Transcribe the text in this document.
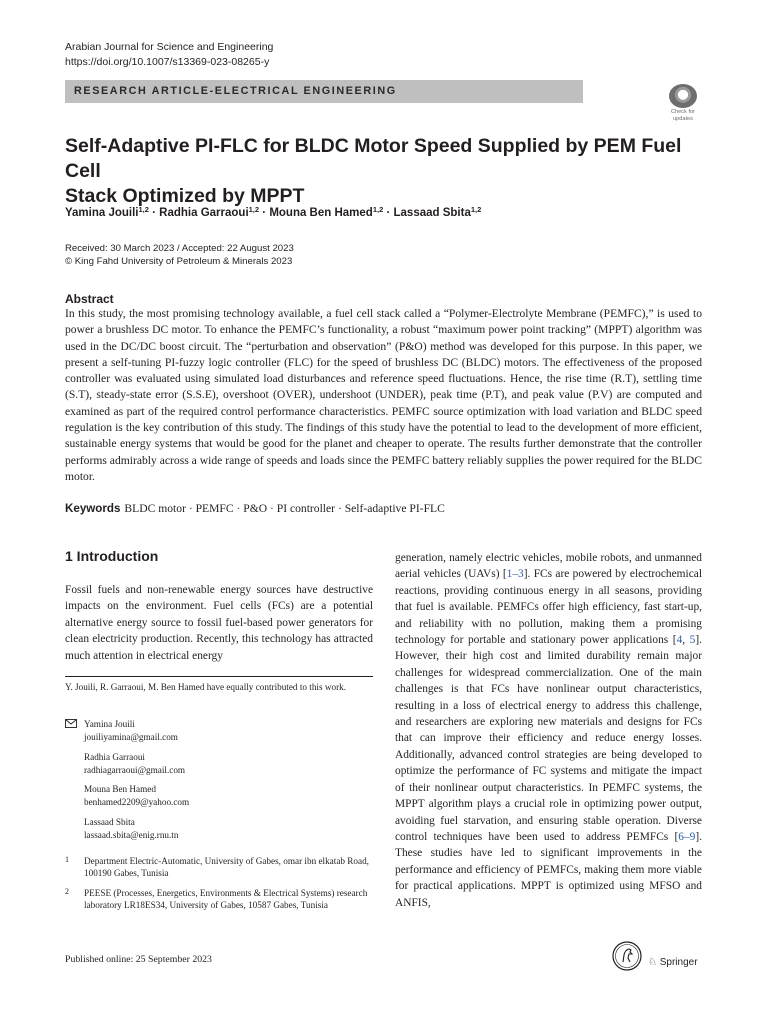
Arabian Journal for Science and Engineering
https://doi.org/10.1007/s13369-023-08265-y
RESEARCH ARTICLE-ELECTRICAL ENGINEERING
Check for
updates
Self-Adaptive PI-FLC for BLDC Motor Speed Supplied by PEM Fuel Cell
Stack Optimized by MPPT
Yamina Jouili$^{1,2}$ · Radhia Garraoui$^{1,2}$ · Mouna Ben Hamed$^{1,2}$ · Lassaad Sbita$^{1,2}$
Received: 30 March 2023 / Accepted: 22 August 2023
© King Fahd University of Petroleum & Minerals 2023
Abstract

In this study, the most promising technology available, a fuel cell stack called a “Polymer-Electrolyte Membrane (PEMFC),” is used to power a brushless DC motor. To enhance the PEMFC’s functionality, a robust “maximum power point tracking” (MPPT) algorithm was used in the DC/DC boost circuit. The “perturbation and observation” (P&O) method was developed for this purpose. In this paper, we present a self-tuning PI-fuzzy logic controller (FLC) for the speed of brushless DC (BLDC) motors. The effectiveness of the proposed controller was evaluated using simulated load disturbances and reference speed fluctuations. Hence, the rise time (R.T), settling time (S.T), steady-state error (S.S.E), overshoot (OVER), undershoot (UNDER), peak time (P.T), and peak value (P.V) are computed and examined as part of the required control performance characteristics. PEMFC source optimization with load variation and BLDC speed regulation is the key contribution of this study. The findings of this study have the potential to lead to the development of more efficient, sustainable energy systems that would be good for the planet and cheaper to operate. The results further demonstrate that the controller performs admirably across a wide range of speeds and loads since the PEMFC battery reliably supplies the power required for the BLDC motor.

Keywords BLDC motor · PEMFC · P&O · PI controller · Self-adaptive PI-FLC
1 Introduction

Fossil fuels and non-renewable energy sources have destructive impacts on the environment. Fuel cells (FCs) are a potential alternative energy source to fossil fuel-based power generators for clean electricity production. Recently, this technology has attracted much attention in electrical energy

Y. Jouili, R. Garraoui, M. Ben Hamed have equally contributed to this work.

Yamina Jouili
jouiliyamina@gmail.com
Radhia Garraoui
radhiagarraoui@gmail.com
Mouna Ben Hamed
benhamed2209@yahoo.com
Lassaad Sbita
lassaad.sbita@enig.rnu.tn
1 Department Electric-Automatic, University of Gabes, omar ibn elkatab Road, 100190 Gabes, Tunisia

2 PEESE (Processes, Energetics, Environments & Electrical Systems) research laboratory LR18ES34, University of Gabes, 10587 Gabes, Tunisia

generation, namely electric vehicles, mobile robots, and unmanned aerial vehicles (UAVs) [1–3]. FCs are powered by electrochemical reactions, providing continuous energy in all seasons, providing that fuel is available. PEMFCs offer high efficiency, fast start-up, and reliability with no pollution, making them a promising technology for portable and stationary power applications [4, 5]. However, their high cost and limited durability remain major challenges for widespread commercialization. One of the main challenges is that FCs have nonlinear output characteristics, resulting in a loss of electrical energy to address this challenge, and researchers are exploring new materials and designs for FCs that can improve their efficiency and reduce energy losses. Additionally, advanced control strategies are being developed to optimize the performance of FC systems and mitigate the impact of their nonlinear output characteristics. In PEMFC systems, the MPPT algorithm plays a crucial role in optimizing power output, avoiding fuel starvation, and ensuring stable operation. Diverse control techniques have been used to address PEMFCs [6–9]. These studies have led to significant improvements in the performance and efficiency of PEMFCs, making them more viable for practical applications. MPPT is optimized using MFSO and ANFIS,

Published online: 25 September 2023	♘ Springer
